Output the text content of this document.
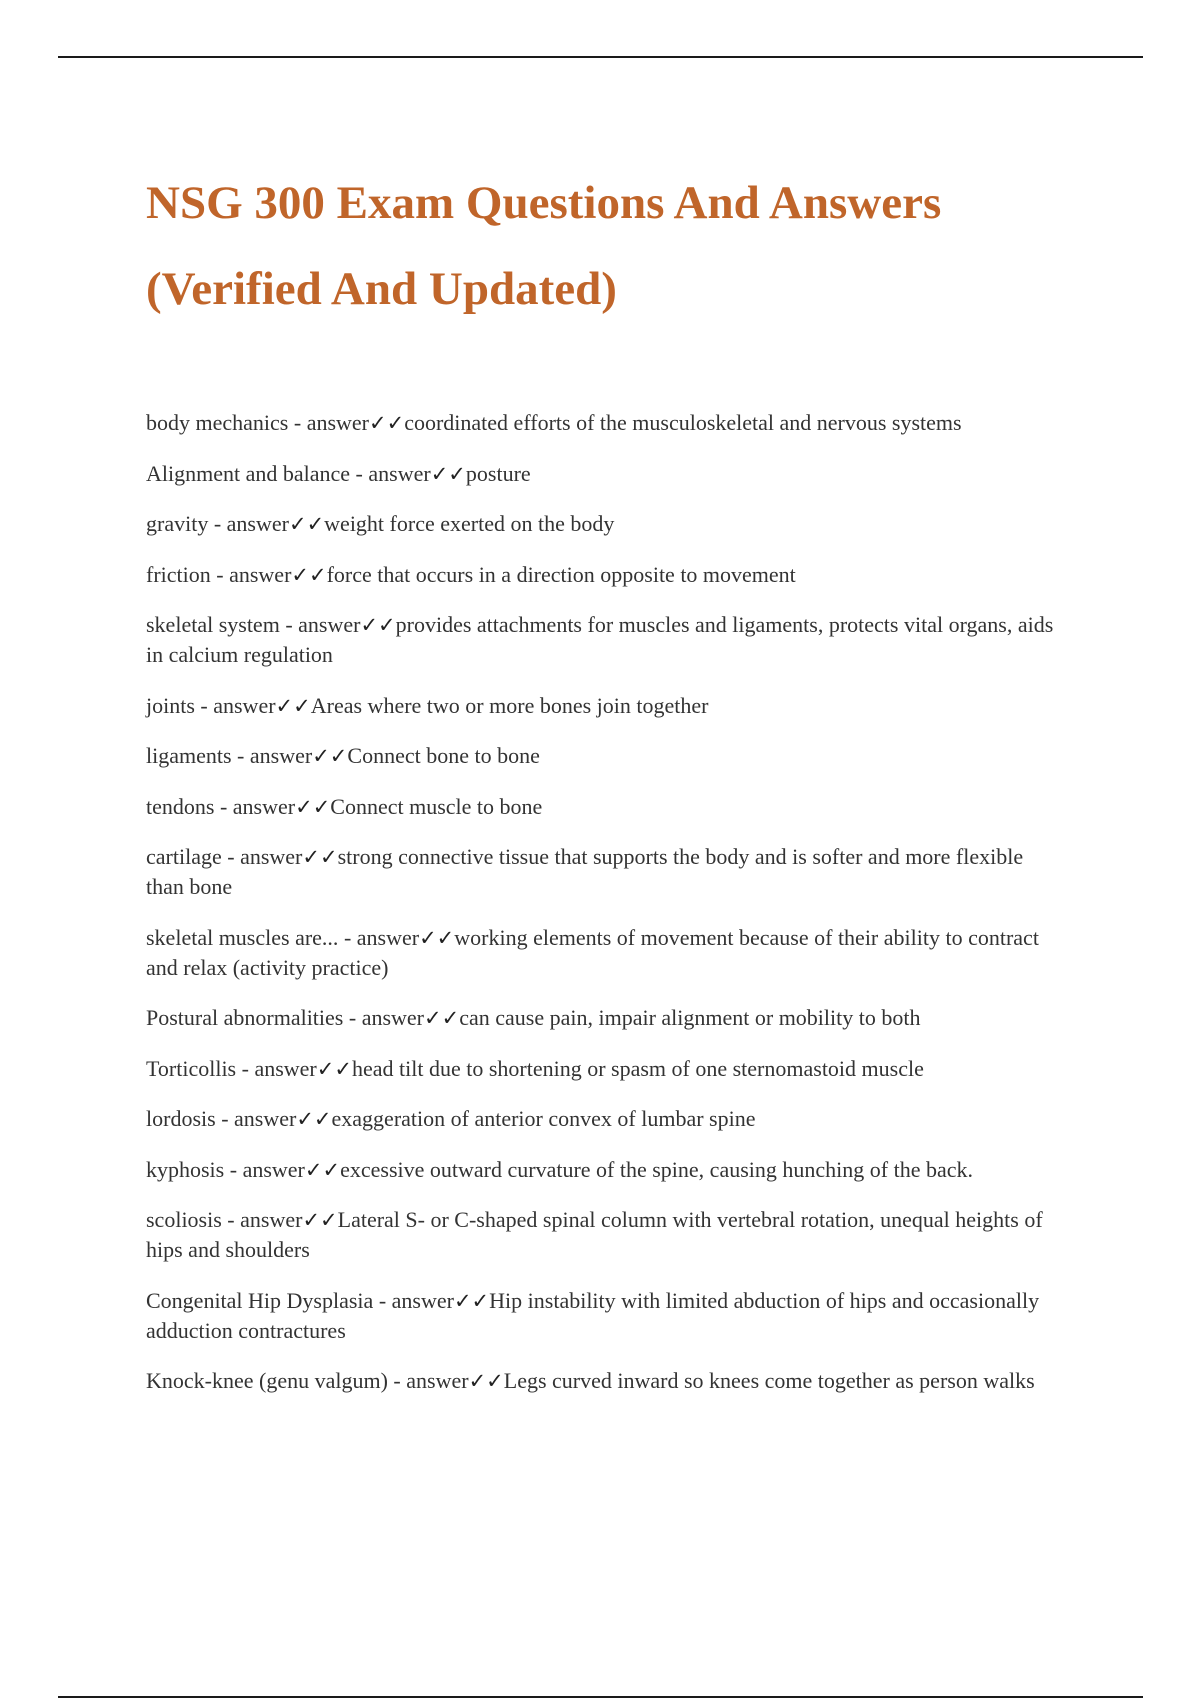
NSG 300 Exam Questions And Answers (Verified And Updated)
body mechanics - answer✓✓coordinated efforts of the musculoskeletal and nervous systems
Alignment and balance - answer✓✓posture
gravity - answer✓✓weight force exerted on the body
friction - answer✓✓force that occurs in a direction opposite to movement
skeletal system - answer✓✓provides attachments for muscles and ligaments, protects vital organs, aids in calcium regulation
joints - answer✓✓Areas where two or more bones join together
ligaments - answer✓✓Connect bone to bone
tendons - answer✓✓Connect muscle to bone
cartilage - answer✓✓strong connective tissue that supports the body and is softer and more flexible than bone
skeletal muscles are... - answer✓✓working elements of movement because of their ability to contract and relax (activity practice)
Postural abnormalities - answer✓✓can cause pain, impair alignment or mobility to both
Torticollis - answer✓✓head tilt due to shortening or spasm of one sternomastoid muscle
lordosis - answer✓✓exaggeration of anterior convex of lumbar spine
kyphosis - answer✓✓excessive outward curvature of the spine, causing hunching of the back.
scoliosis - answer✓✓Lateral S- or C-shaped spinal column with vertebral rotation, unequal heights of hips and shoulders
Congenital Hip Dysplasia - answer✓✓Hip instability with limited abduction of hips and occasionally adduction contractures
Knock-knee (genu valgum) - answer✓✓Legs curved inward so knees come together as person walks
